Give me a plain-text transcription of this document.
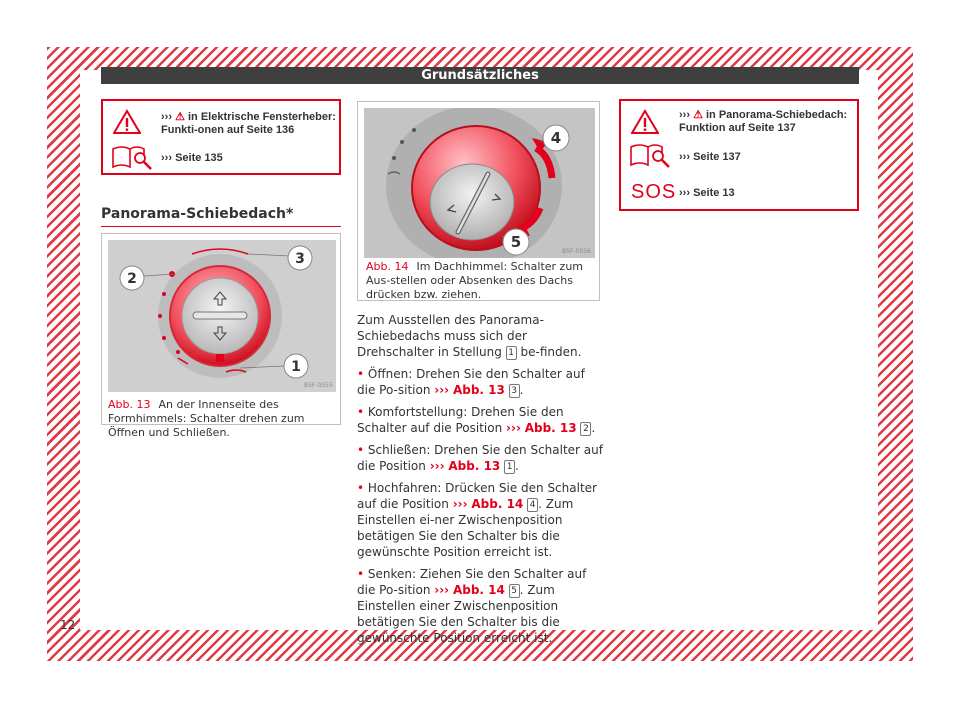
Grundsätzliches
››› ⚠ in Elektrische Fensterheber: Funkti-onen auf Seite 136
››› Seite 135
Panorama-Schiebedach*
1
2
3
B5F-0555
Abb. 13 An der Innenseite des Formhimmels: Schalter drehen zum Öffnen und Schließen.
4
5
B5F-0556
Abb. 14 Im Dachhimmel: Schalter zum Aus-stellen oder Absenken des Dachs drücken bzw. ziehen.

Zum Ausstellen des Panorama-Schiebedachs muss sich der Drehschalter in Stellung 1 be-finden.

• Öffnen: Drehen Sie den Schalter auf die Po-sition ››› Abb. 13 3 .

• Komfortstellung: Drehen Sie den Schalter auf die Position ››› Abb. 13 2 .

• Schließen: Drehen Sie den Schalter auf die Position ››› Abb. 13 1 .

• Hochfahren: Drücken Sie den Schalter auf die Position ››› Abb. 14 4 . Zum Einstellen ei-ner Zwischenposition betätigen Sie den Schalter bis die gewünschte Position erreicht ist.

• Senken: Ziehen Sie den Schalter auf die Po-sition ››› Abb. 14 5 . Zum Einstellen einer Zwischenposition betätigen Sie den Schalter bis die gewünschte Position erreicht ist.

SOS
››› ⚠ in Panorama-Schiebedach: Funktion auf Seite 137
››› Seite 137
››› Seite 13
12
